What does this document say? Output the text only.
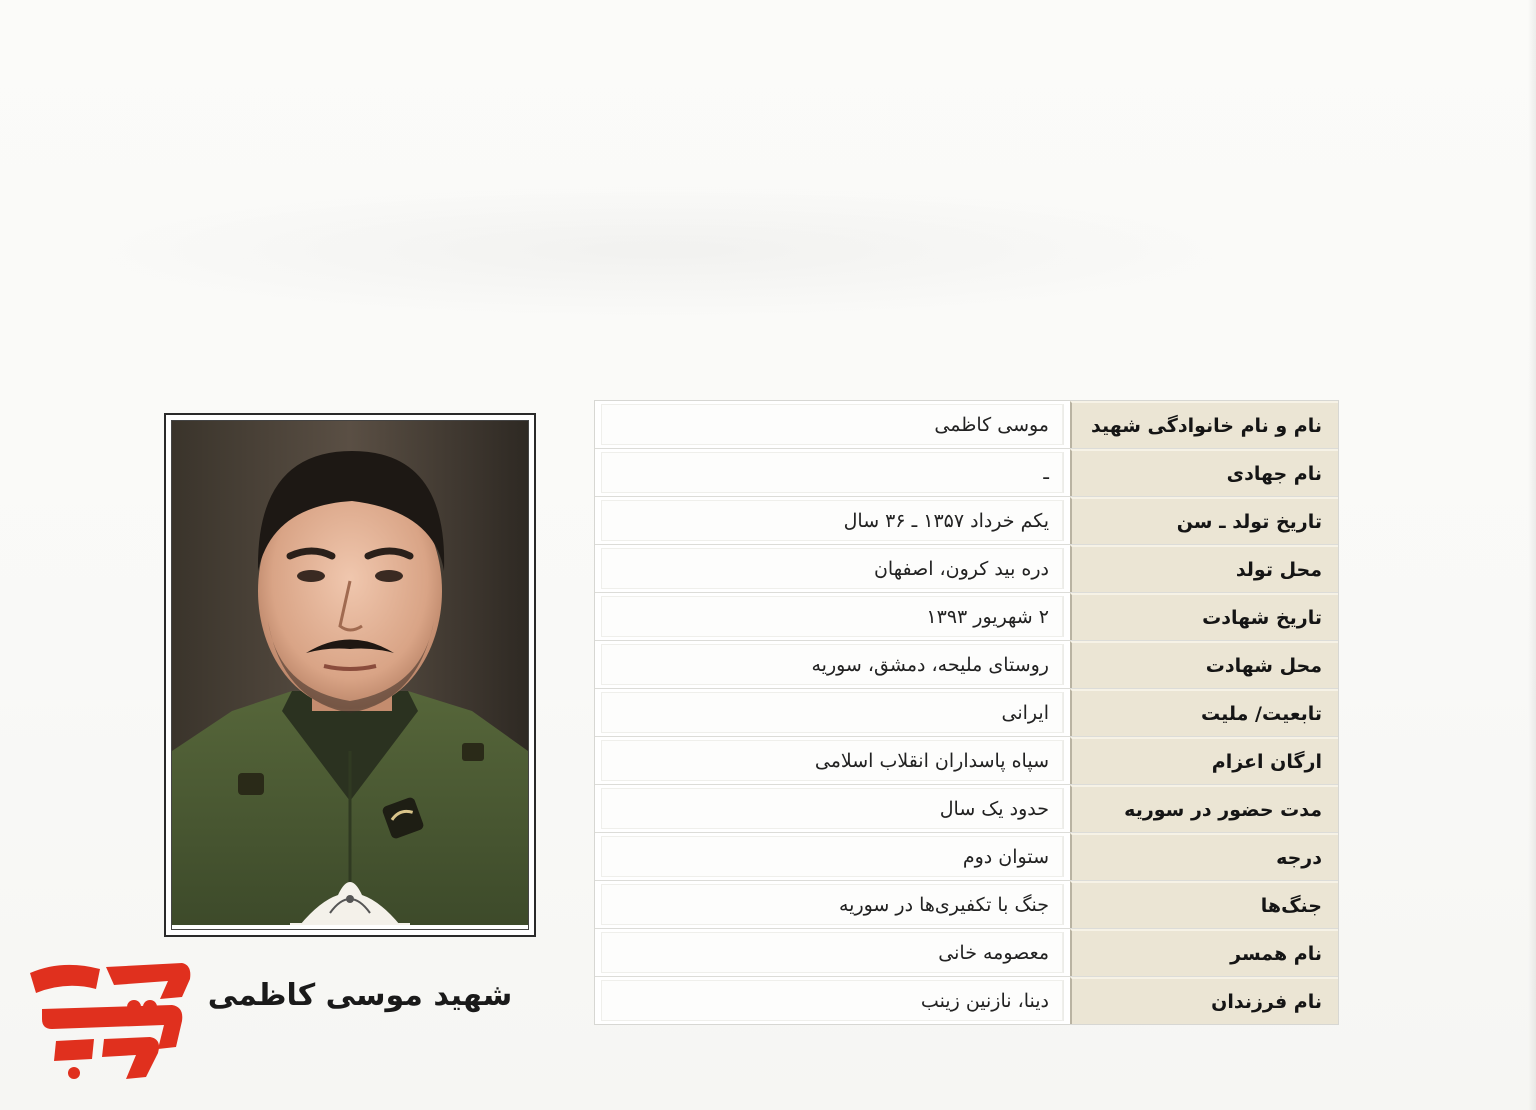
شهید موسی کاظمی
نام و نام خانوادگی شهید
موسی کاظمی
نام جهادی
ـ
تاریخ تولد ـ سن
یکم خرداد ۱۳۵۷ ـ ۳۶ سال
محل تولد
دره بید کرون، اصفهان
تاریخ شهادت
۲ شهریور ۱۳۹۳
محل شهادت
روستای ملیحه، دمشق، سوریه
تابعیت/ ملیت
ایرانی
ارگان اعزام
سپاه پاسداران انقلاب اسلامی
مدت حضور در سوریه
حدود یک سال
درجه
ستوان دوم
جنگ‌ها
جنگ با تکفیری‌ها در سوریه
نام همسر
معصومه خانی
نام فرزندان
دینا، نازنین زینب
